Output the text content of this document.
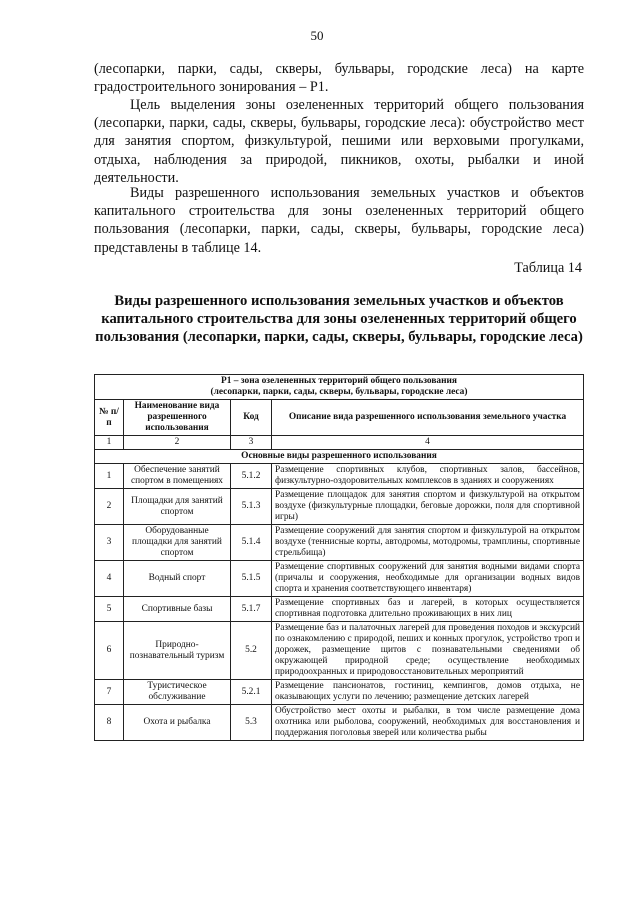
50

(лесопарки, парки, сады, скверы, бульвары, городские леса) на карте градостроительного зонирования – Р1.

Цель выделения зоны озелененных территорий общего пользования (лесопарки, парки, сады, скверы, бульвары, городские леса): обустройство мест для занятия спортом, физкультурой, пешими или верховыми прогулками, отдыха, наблюдения за природой, пикников, охоты, рыбалки и иной деятельности.

Виды разрешенного использования земельных участков и объектов капитального строительства для зоны озелененных территорий общего пользования (лесопарки, парки, сады, скверы, бульвары, городские леса) представлены в таблице 14.

Таблица 14
Виды разрешенного использования земельных участков и объектов капитального строительства для зоны озелененных территорий общего пользования (лесопарки, парки, сады, скверы, бульвары, городские леса)
Р1 – зона озелененных территорий общего пользования
(лесопарки, парки, сады, скверы, бульвары, городские леса)			

№ п/п	Наименование вида разрешенного использования	Код	Описание вида разрешенного использования земельного участка
1	2	3	4
Основные виды разрешенного использования			
1	Обеспечение занятий спортом в помещениях	5.1.2	Размещение спортивных клубов, спортивных залов, бассейнов, физкультурно-оздоровительных комплексов в зданиях и сооружениях
2	Площадки для занятий спортом	5.1.3	Размещение площадок для занятия спортом и физкультурой на открытом воздухе (физкультурные площадки, беговые дорожки, поля для спортивной игры)
3	Оборудованные площадки для занятий спортом	5.1.4	Размещение сооружений для занятия спортом и физкультурой на открытом воздухе (теннисные корты, автодромы, мотодромы, трамплины, спортивные стрельбища)
4	Водный спорт	5.1.5	Размещение спортивных сооружений для занятия водными видами спорта (причалы и сооружения, необходимые для организации водных видов спорта и хранения соответствующего инвентаря)
5	Спортивные базы	5.1.7	Размещение спортивных баз и лагерей, в которых осуществляется спортивная подготовка длительно проживающих в них лиц
6	Природно-познавательный туризм	5.2	Размещение баз и палаточных лагерей для проведения походов и экскурсий по ознакомлению с природой, пеших и конных прогулок, устройство троп и дорожек, размещение щитов с познавательными сведениями об окружающей природной среде; осуществление необходимых природоохранных и природовосстановительных мероприятий
7	Туристическое обслуживание	5.2.1	Размещение пансионатов, гостиниц, кемпингов, домов отдыха, не оказывающих услуги по лечению; размещение детских лагерей
8	Охота и рыбалка	5.3	Обустройство мест охоты и рыбалки, в том числе размещение дома охотника или рыболова, сооружений, необходимых для восстановления и поддержания поголовья зверей или количества рыбы
